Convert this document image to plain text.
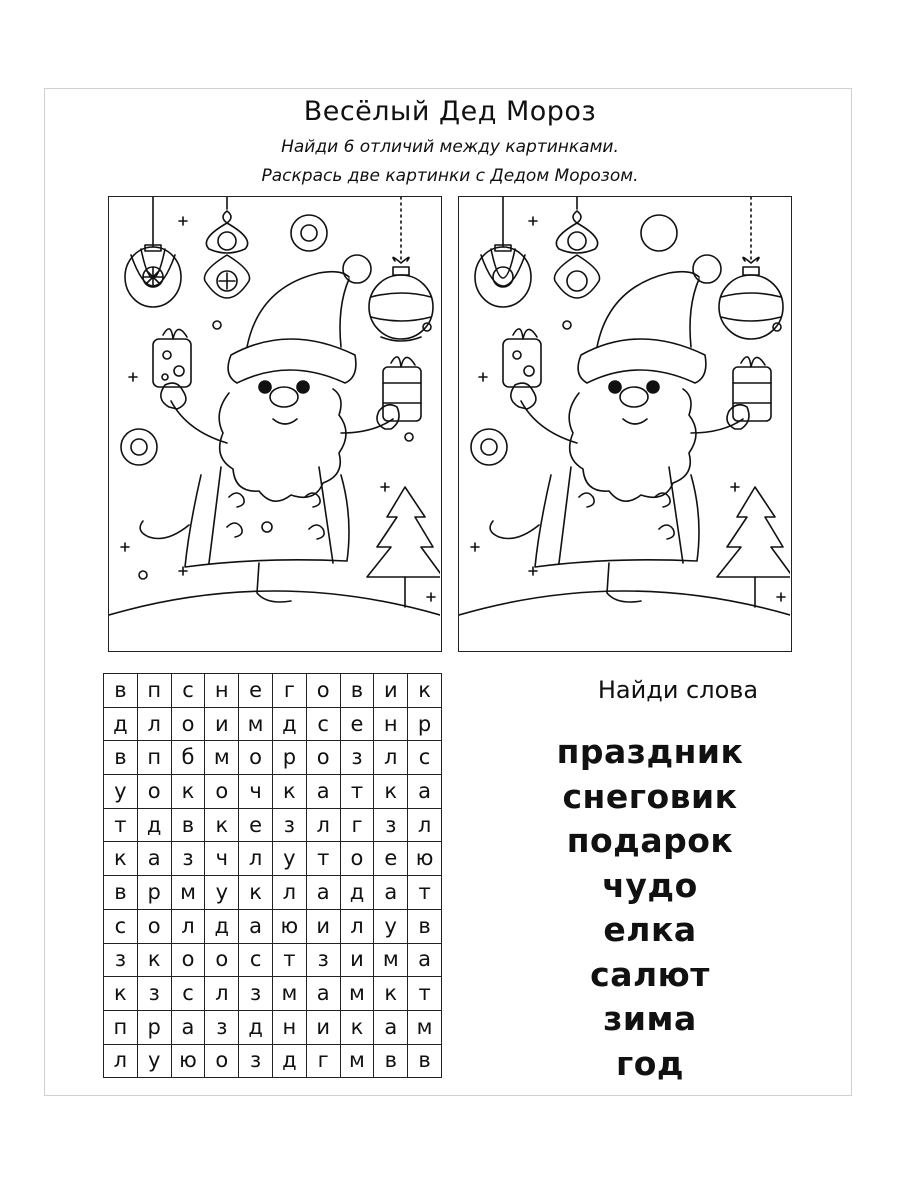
Весёлый Дед Мороз
Найди 6 отличий между картинками.
Раскрась две картинки с Дедом Морозом.
в	п	с	н	е	г	о	в	и	к
д	л	о	и	м	д	с	е	н	р
в	п	б	м	о	р	о	з	л	с
у	о	к	о	ч	к	а	т	к	а
т	д	в	к	е	з	л	г	з	л
к	а	з	ч	л	у	т	о	е	ю
в	р	м	у	к	л	а	д	а	т
с	о	л	д	а	ю	и	л	у	в
з	к	о	о	с	т	з	и	м	а
к	з	с	л	з	м	а	м	к	т
п	р	а	з	д	н	и	к	а	м
л	у	ю	о	з	д	г	м	в	в
Найди слова
праздник
снеговик
подарок
чудо
елка
салют
зима
год
